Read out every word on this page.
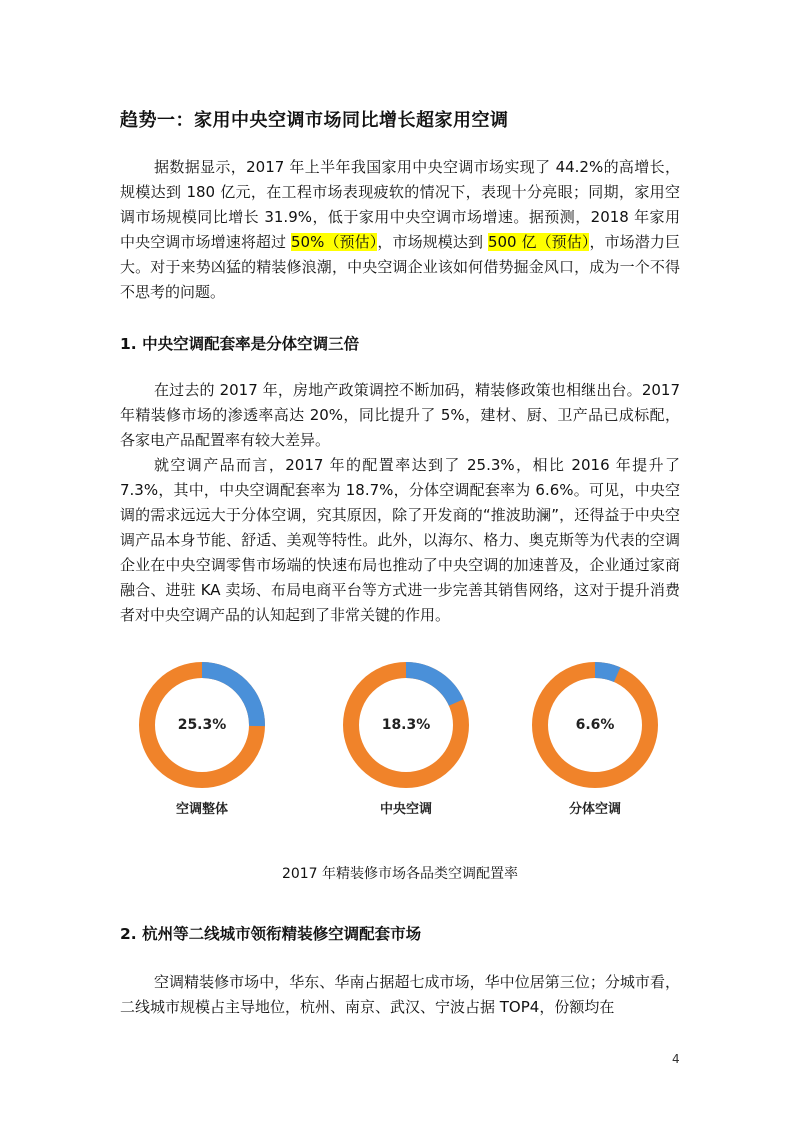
趋势一：家用中央空调市场同比增长超家用空调

据数据显示，2017 年上半年我国家用中央空调市场实现了 44.2%的高增长，规模达到 180 亿元，在工程市场表现疲软的情况下，表现十分亮眼；同期，家用空调市场规模同比增长 31.9%，低于家用中央空调市场增速。据预测，2018 年家用中央空调市场增速将超过 50%（预估），市场规模达到 500 亿（预估），市场潜力巨大。对于来势凶猛的精装修浪潮，中央空调企业该如何借势掘金风口，成为一个不得不思考的问题。

1. 中央空调配套率是分体空调三倍

在过去的 2017 年，房地产政策调控不断加码，精装修政策也相继出台。2017 年精装修市场的渗透率高达 20%，同比提升了 5%，建材、厨、卫产品已成标配，各家电产品配置率有较大差异。

就空调产品而言，2017 年的配置率达到了 25.3%，相比 2016 年提升了 7.3%，其中，中央空调配套率为 18.7%，分体空调配套率为 6.6%。可见，中央空调的需求远远大于分体空调，究其原因，除了开发商的“推波助澜”，还得益于中央空调产品本身节能、舒适、美观等特性。此外，以海尔、格力、奥克斯等为代表的空调企业在中央空调零售市场端的快速布局也推动了中央空调的加速普及，企业通过家商融合、进驻 KA 卖场、布局电商平台等方式进一步完善其销售网络，这对于提升消费者对中央空调产品的认知起到了非常关键的作用。

25.3%
空调整体
18.3%
中央空调
6.6%
分体空调
2017 年精装修市场各品类空调配置率
2. 杭州等二线城市领衔精装修空调配套市场

空调精装修市场中，华东、华南占据超七成市场，华中位居第三位；分城市看，二线城市规模占主导地位，杭州、南京、武汉、宁波占据 TOP4，份额均在

4
